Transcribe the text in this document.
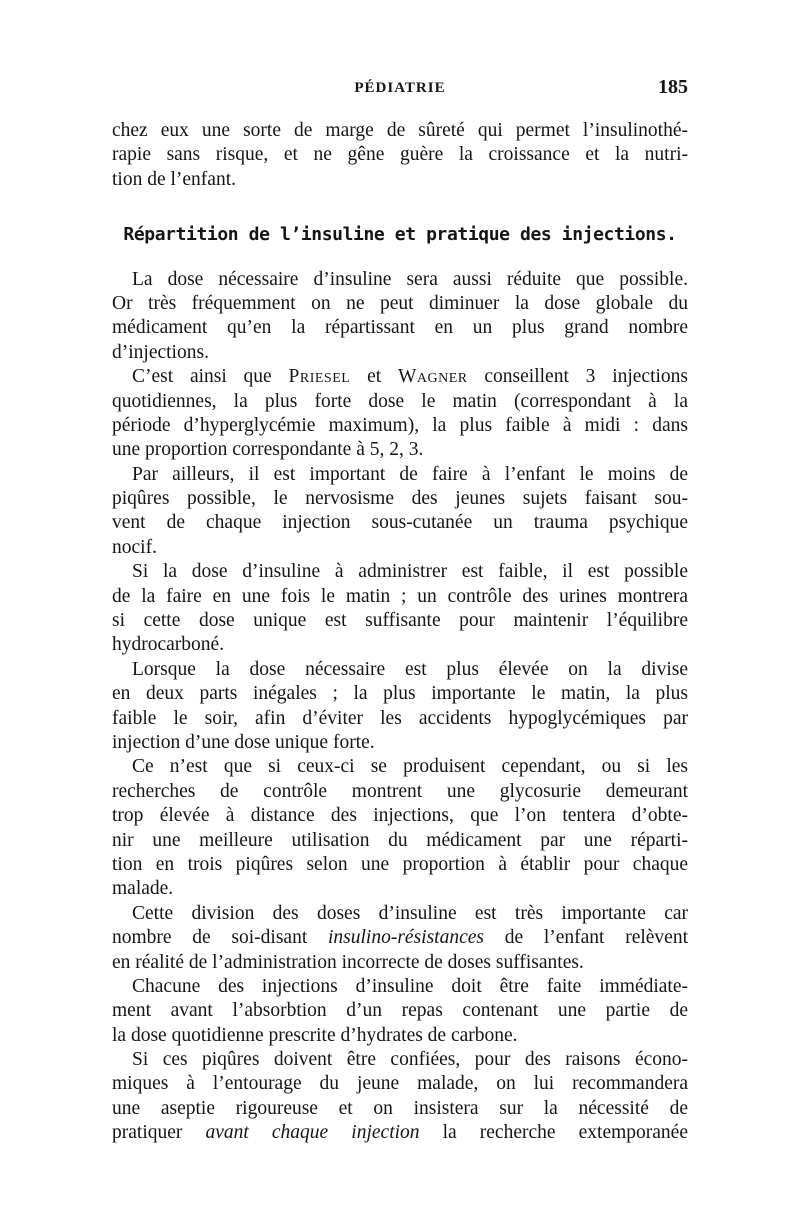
PÉDIATRIE	185
chez eux une sorte de marge de sûreté qui permet l’insulinothé-
rapie sans risque, et ne gêne guère la croissance et la nutri-
tion de l’enfant.
Répartition de l’insuline et pratique des injections.
La dose nécessaire d’insuline sera aussi réduite que possible.
Or très fréquemment on ne peut diminuer la dose globale du
médicament qu’en la répartissant en un plus grand nombre
d’injections.
C’est ainsi que Priesel et Wagner conseillent 3 injections
quotidiennes, la plus forte dose le matin (correspondant à la
période d’hyperglycémie maximum), la plus faible à midi : dans
une proportion correspondante à 5, 2, 3.
Par ailleurs, il est important de faire à l’enfant le moins de
piqûres possible, le nervosisme des jeunes sujets faisant sou-
vent de chaque injection sous-cutanée un trauma psychique
nocif.
Si la dose d’insuline à administrer est faible, il est possible
de la faire en une fois le matin ; un contrôle des urines montrera
si cette dose unique est suffisante pour maintenir l’équilibre
hydrocarboné.
Lorsque la dose nécessaire est plus élevée on la divise
en deux parts inégales ; la plus importante le matin, la plus
faible le soir, afin d’éviter les accidents hypoglycémiques par
injection d’une dose unique forte.
Ce n’est que si ceux-ci se produisent cependant, ou si les
recherches de contrôle montrent une glycosurie demeurant
trop élevée à distance des injections, que l’on tentera d’obte-
nir une meilleure utilisation du médicament par une réparti-
tion en trois piqûres selon une proportion à établir pour chaque
malade.
Cette division des doses d’insuline est très importante car
nombre de soi-disant insulino-résistances de l’enfant relèvent
en réalité de l’administration incorrecte de doses suffisantes.
Chacune des injections d’insuline doit être faite immédiate-
ment avant l’absorbtion d’un repas contenant une partie de
la dose quotidienne prescrite d’hydrates de carbone.
Si ces piqûres doivent être confiées, pour des raisons écono-
miques à l’entourage du jeune malade, on lui recommandera
une aseptie rigoureuse et on insistera sur la nécessité de
pratiquer avant chaque injection la recherche extemporanée
